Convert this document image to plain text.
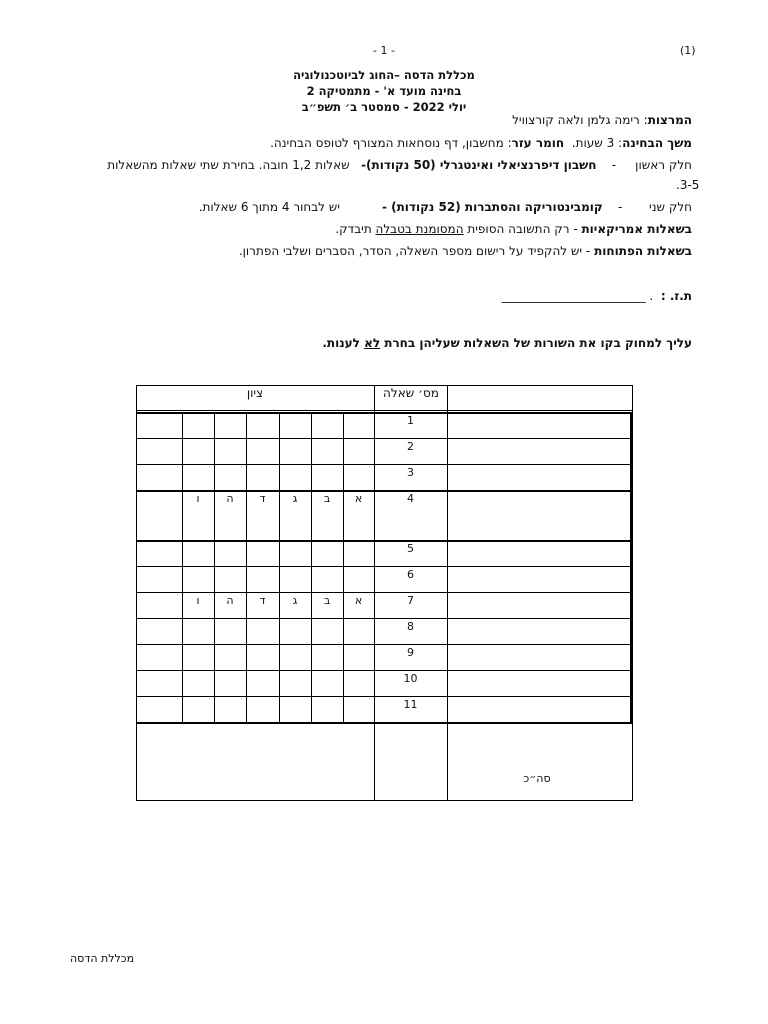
- 1 -	(1)
מכללת הדסה –החוג לביוטכנולוגיה
בחינה מועד א' - מתמטיקה 2
יולי 2022 - סמסטר ב׳ תשפ״ב
המרצות: רימה גלמן ולאה קורצוויל
משך הבחינה: 3 שעות.  חומר עזר: מחשבון, דף נוסחאות המצורף לטופס הבחינה.
חלק ראשון     -    חשבון דיפרנציאלי ואינטגרלי (50 נקודות)-   שאלות 1,2 חובה. בחירת שתי שאלות מהשאלות
.3-5
חלק שני       -    קומבינטוריקה והסתברות (52 נקודות) -           יש לבחור 4 מתוך 6 שאלות.
בשאלות אמריקאיות - רק התשובה הסופית המסומנת בטבלה תיבדק.
בשאלות הפתוחות - יש להקפיד על רישום מספר השאלה, הסדר, הסברים ושלבי הפתרון.
________________________ . ת.ז. :
עליך למחוק בקו את השורות של השאלות שעליהן בחרת לא לענות.
מס׳ שאלה
ציון
1
2
3
4
5
6
7
8
9
10
11
א
ב
ג
ד
ה
ו
א
ב
ג
ד
ה
ו
סה״כ
מכללת הדסה
